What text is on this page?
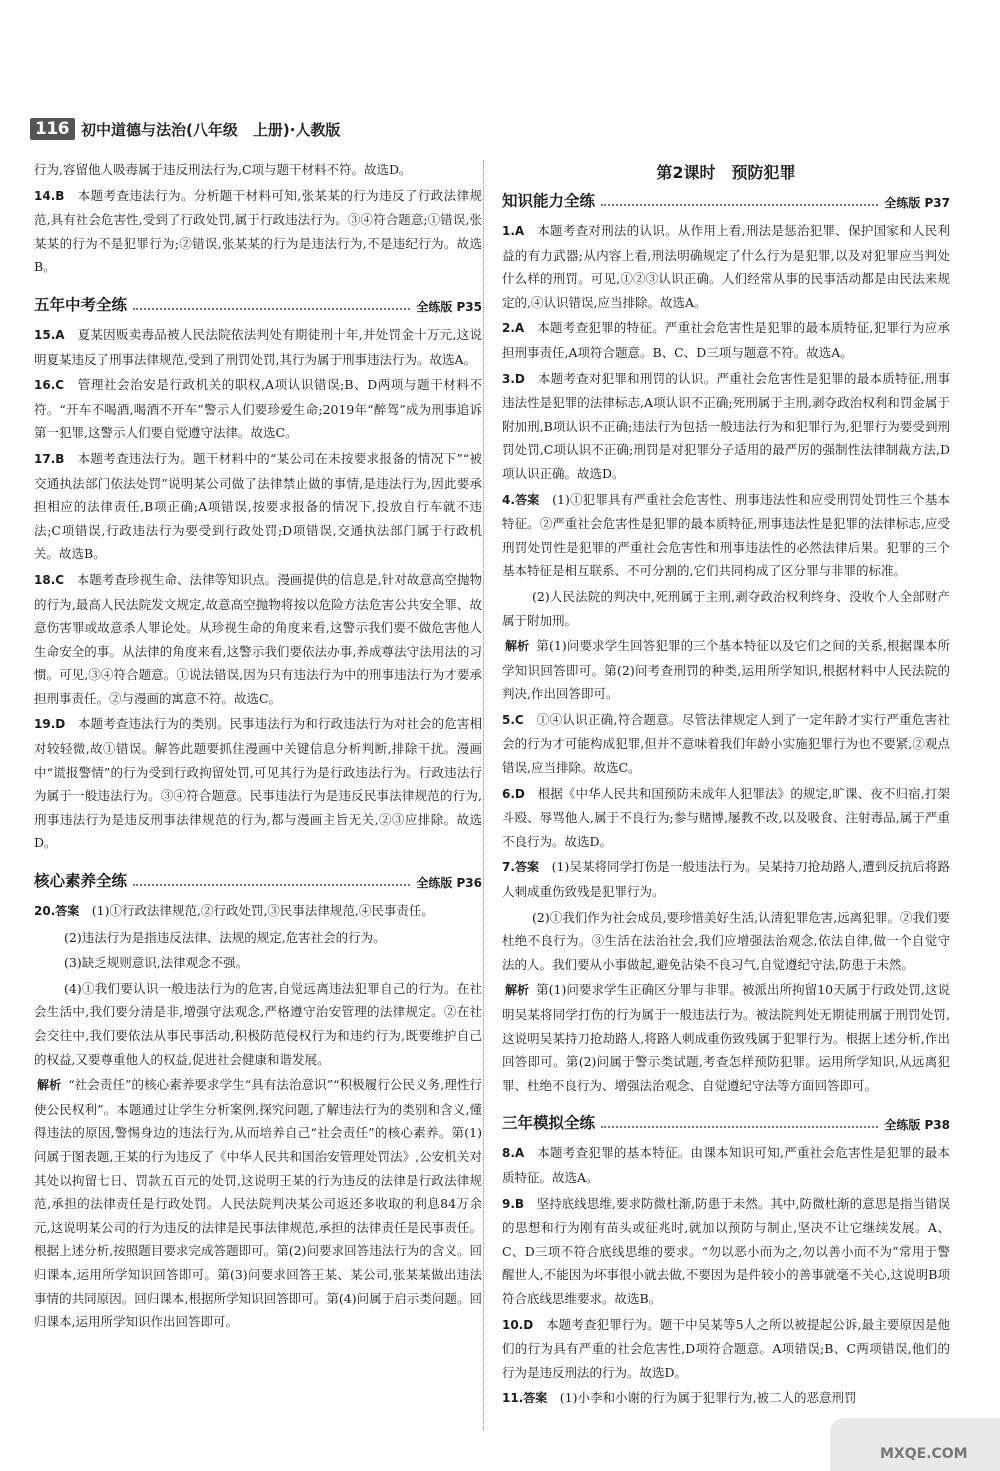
116 初中道德与法治(八年级　上册)·人教版

行为,容留他人吸毒属于违反刑法行为,C项与题干材料不符。故选D。

14.B　 本题考查违法行为。分析题干材料可知,张某某的行为违反了行政法律规范,具有社会危害性,受到了行政处罚,属于行政违法行为。③④符合题意;①错误,张某某的行为不是犯罪行为;②错误,张某某的行为是违法行为,不是违纪行为。故选B。

五年中考全练	全练版 P35

15.A　 夏某因贩卖毒品被人民法院依法判处有期徒刑十年,并处罚金十万元,这说明夏某违反了刑事法律规范,受到了刑罚处罚,其行为属于刑事违法行为。故选A。

16.C　 管理社会治安是行政机关的职权,A项认识错误;B、D两项与题干材料不符。“开车不喝酒,喝酒不开车”警示人们要珍爱生命;2019年“醉驾”成为刑事追诉第一犯罪,这警示人们要自觉遵守法律。故选C。

17.B　 本题考查违法行为。题干材料中的“某公司在未按要求报备的情况下”“被交通执法部门依法处罚”说明某公司做了法律禁止做的事情,是违法行为,因此要承担相应的法律责任,B项正确;A项错误,按要求报备的情况下,投放自行车就不违法;C项错误,行政违法行为要受到行政处罚;D项错误,交通执法部门属于行政机关。故选B。

18.C　 本题考查珍视生命、法律等知识点。漫画提供的信息是,针对故意高空抛物的行为,最高人民法院发文规定,故意高空抛物将按以危险方法危害公共安全罪、故意伤害罪或故意杀人罪论处。从珍视生命的角度来看,这警示我们要不做危害他人生命安全的事。从法律的角度来看,这警示我们要依法办事,养成尊法守法用法的习惯。可见,③④符合题意。①说法错误,因为只有违法行为中的刑事违法行为才要承担刑事责任。②与漫画的寓意不符。故选C。

19.D　 本题考查违法行为的类别。民事违法行为和行政违法行为对社会的危害相对较轻微,故①错误。解答此题要抓住漫画中关键信息分析判断,排除干扰。漫画中“谎报警情”的行为受到行政拘留处罚,可见其行为是行政违法行为。行政违法行为属于一般违法行为。③④符合题意。民事违法行为是违反民事法律规范的行为,刑事违法行为是违反刑事法律规范的行为,都与漫画主旨无关,②③应排除。故选D。

核心素养全练	全练版 P36

20.答案　 (1)①行政法律规范,②行政处罚,③民事法律规范,④民事责任。

(2)违法行为是指违反法律、法规的规定,危害社会的行为。

(3)缺乏规则意识,法律观念不强。

(4)①我们要认识一般违法行为的危害,自觉远离违法犯罪自己的行为。在社会生活中,我们要分清是非,增强守法观念,严格遵守治安管理的法律规定。②在社会交往中,我们要依法从事民事活动,积极防范侵权行为和违约行为,既要维护自己的权益,又要尊重他人的权益,促进社会健康和谐发展。

解析 “社会责任”的核心素养要求学生“具有法治意识”“积极履行公民义务,理性行使公民权利”。本题通过让学生分析案例,探究问题,了解违法行为的类别和含义,懂得违法的原因,警惕身边的违法行为,从而培养自己“社会责任”的核心素养。第(1)问属于图表题,王某的行为违反了《中华人民共和国治安管理处罚法》,公安机关对其处以拘留七日、罚款五百元的处罚,这说明王某的行为违反的法律是行政法律规范,承担的法律责任是行政处罚。人民法院判决某公司返还多收取的利息84万余元,这说明某公司的行为违反的法律是民事法律规范,承担的法律责任是民事责任。根据上述分析,按照题目要求完成答题即可。第(2)问要求回答违法行为的含义。回归课本,运用所学知识回答即可。第(3)问要求回答王某、某公司,张某某做出违法事情的共同原因。回归课本,根据所学知识回答即可。第(4)问属于启示类问题。回归课本,运用所学知识作出回答即可。

第2课时　预防犯罪
知识能力全练	全练版 P37

1.A　 本题考查对刑法的认识。从作用上看,刑法是惩治犯罪、保护国家和人民利益的有力武器;从内容上看,刑法明确规定了什么行为是犯罪,以及对犯罪应当判处什么样的刑罚。可见,①②③认识正确。人们经常从事的民事活动都是由民法来规定的,④认识错误,应当排除。故选A。

2.A　 本题考查犯罪的特征。严重社会危害性是犯罪的最本质特征,犯罪行为应承担刑事责任,A项符合题意。B、C、D三项与题意不符。故选A。

3.D　 本题考查对犯罪和刑罚的认识。严重社会危害性是犯罪的最本质特征,刑事违法性是犯罪的法律标志,A项认识不正确;死刑属于主刑,剥夺政治权利和罚金属于附加刑,B项认识不正确;违法行为包括一般违法行为和犯罪行为,犯罪行为要受到刑罚处罚,C项认识不正确;刑罚是对犯罪分子适用的最严厉的强制性法律制裁方法,D项认识正确。故选D。

4.答案　 (1)①犯罪具有严重社会危害性、刑事违法性和应受刑罚处罚性三个基本特征。②严重社会危害性是犯罪的最本质特征,刑事违法性是犯罪的法律标志,应受刑罚处罚性是犯罪的严重社会危害性和刑事违法性的必然法律后果。犯罪的三个基本特征是相互联系、不可分割的,它们共同构成了区分罪与非罪的标准。

(2)人民法院的判决中,死刑属于主刑,剥夺政治权利终身、没收个人全部财产属于附加刑。

解析 第(1)问要求学生回答犯罪的三个基本特征以及它们之间的关系,根据课本所学知识回答即可。第(2)问考查刑罚的种类,运用所学知识,根据材料中人民法院的判决,作出回答即可。

5.C　 ①④认识正确,符合题意。尽管法律规定人到了一定年龄才实行严重危害社会的行为才可能构成犯罪,但并不意味着我们年龄小实施犯罪行为也不要紧,②观点错误,应当排除。故选C。

6.D　 根据《中华人民共和国预防未成年人犯罪法》的规定,旷课、夜不归宿,打架斗殴、辱骂他人,属于不良行为;参与赌博,屡教不改,以及吸食、注射毒品,属于严重不良行为。故选D。

7.答案　 (1)吴某将同学打伤是一般违法行为。吴某持刀抢劫路人,遭到反抗后将路人刺成重伤致残是犯罪行为。

(2)①我们作为社会成员,要珍惜美好生活,认清犯罪危害,远离犯罪。②我们要杜绝不良行为。③生活在法治社会,我们应增强法治观念,依法自律,做一个自觉守法的人。我们要从小事做起,避免沾染不良习气,自觉遵纪守法,防患于未然。

解析 第(1)问要求学生正确区分罪与非罪。被派出所拘留10天属于行政处罚,这说明吴某将同学打伤的行为属于一般违法行为。被法院判处无期徒刑属于刑罚处罚,这说明吴某持刀抢劫路人,将路人刺成重伤致残属于犯罪行为。根据上述分析,作出回答即可。第(2)问属于警示类试题,考查怎样预防犯罪。运用所学知识,从远离犯罪、杜绝不良行为、增强法治观念、自觉遵纪守法等方面回答即可。

三年模拟全练	全练版 P38

8.A　 本题考查犯罪的基本特征。由课本知识可知,严重社会危害性是犯罪的最本质特征。故选A。

9.B　 坚持底线思维,要求防微杜渐,防患于未然。其中,防微杜渐的意思是指当错误的思想和行为刚有苗头或征兆时,就加以预防与制止,坚决不让它继续发展。A、C、D三项不符合底线思维的要求。“勿以恶小而为之,勿以善小而不为”常用于警醒世人,不能因为坏事很小就去做,不要因为是件较小的善事就毫不关心,这说明B项符合底线思维要求。故选B。

10.D　 本题考查犯罪行为。题干中吴某等5人之所以被提起公诉,最主要原因是他们的行为具有严重的社会危害性,D项符合题意。A项错误;B、C两项错误,他们的行为是违反刑法的行为。故选D。

11.答案　 (1)小李和小谢的行为属于犯罪行为,被二人的恶意刑罚

MXQE.COM
